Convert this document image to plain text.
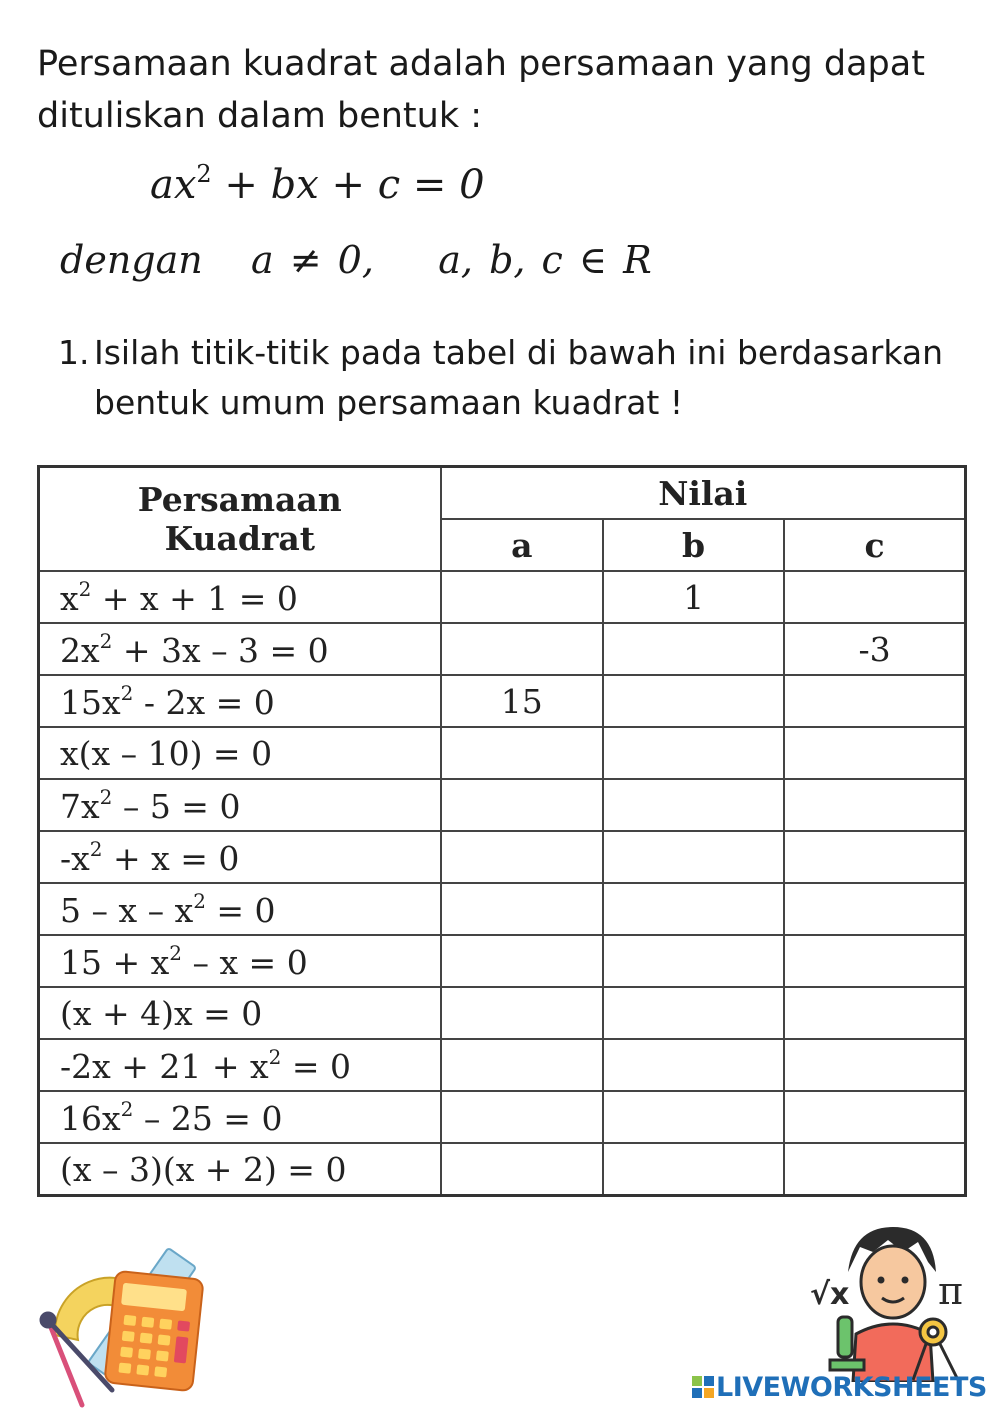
Persamaan kuadrat adalah persamaan yang dapat
dituliskan dalam bentuk :

$ax^2$ + bx + c = 0
dengan a ≠ 0, a, b, c ∈ R
1. Isilah titik-titik pada tabel di bawah ini berdasarkan bentuk umum persamaan kuadrat !
Persamaan
Kuadrat	Nilai		
	a	b	c
$x^2 + x + 1 = 0$		1	
$2x^2 + 3x - 3 = 0$			-3
$15x^2 - 2x = 0$	15		
x(x – 10) = 0			
$7x^2 - 5 = 0$			
$-x^2 + x = 0$			
$5 - x - x^2 = 0$			
$15 + x^2 - x = 0$			
(x + 4)x = 0			
$-2x + 21 + x^2 = 0$			
$16x^2 - 25 = 0$			
(x – 3)(x + 2) = 0			
√x π
LIVEWORKSHEETS
